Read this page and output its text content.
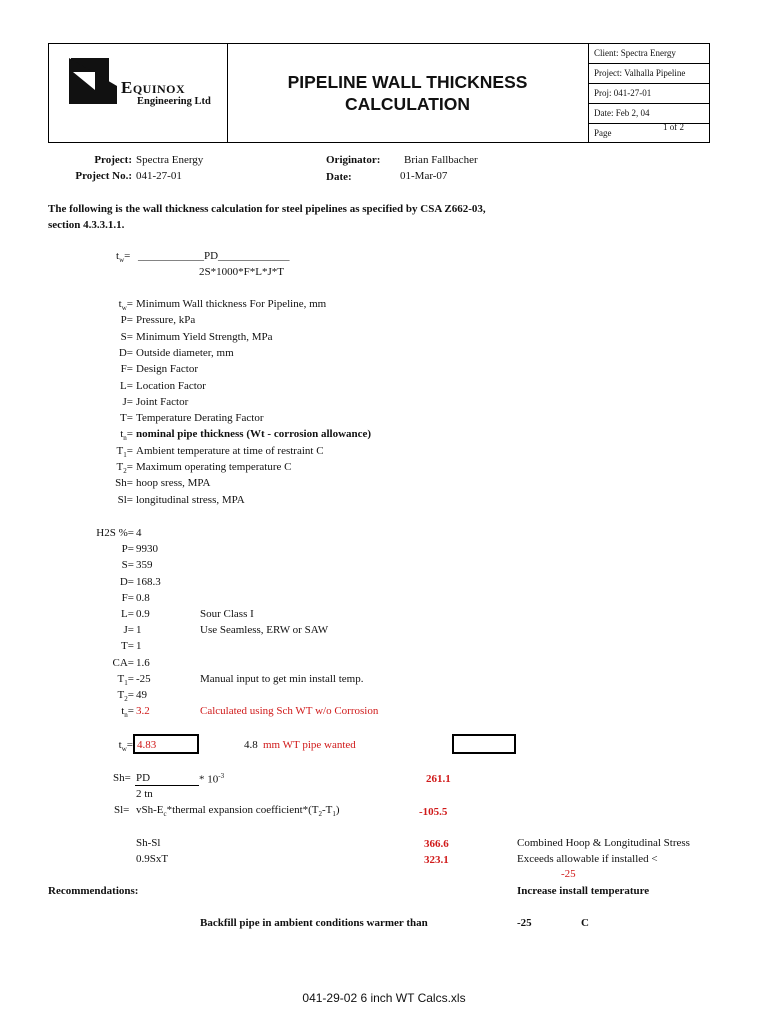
Equinox
Engineering Ltd
PIPELINE WALL THICKNESS
CALCULATION
Client: Spectra Energy
Project: Valhalla Pipeline
Proj: 041-27-01
Date: Feb 2, 04
Page
1 of 2
Project: Spectra Energy
Project No.: 041-27-01
Originator: Brian Fallbacher
Date:	01-Mar-07
The following is the wall thickness calculation for steel pipelines as specified by CSA Z662-03,
section 4.3.3.1.1.
$t_w=$ ____________PD_____________
2S*1000*F*L*J*T
$t_w=$ Minimum Wall thickness For Pipeline, mm
P= Pressure, kPa
S= Minimum Yield Strength, MPa
D= Outside diameter, mm
F= Design Factor
L= Location Factor
J= Joint Factor
T= Temperature Derating Factor
$t_n=$ nominal pipe thickness (Wt - corrosion allowance)
$T_1=$ Ambient temperature at time of restraint C
$T_2=$ Maximum operating temperature C
Sh= hoop sress, MPA
Sl= longitudinal stress, MPA
H2S %= 4
P= 9930
S= 359
D= 168.3
F= 0.8
L= 0.9	Sour Class I
J= 1	Use Seamless, ERW or SAW
T= 1
CA= 1.6
$T_1= -25$	Manual input to get min install temp.
$T_2= 49$
$t_n= 3.2$	Calculated using Sch WT w/o Corrosion
$t_w= 4.83$	4.8 mm WT pipe wanted
Sh= PD	* $10^{-3}$
2 tn
261.1
Sl= vSh-$E_c*thermal$ expansion $coefficient*(T_2-T_1)$	-105.5
Sh-Sl	366.6	Combined Hoop & Longitudinal Stress
0.9SxT	323.1	Exceeds allowable if installed <
-25
Recommendations:	Increase install temperature
Backfill pipe in ambient conditions warmer than	-25	C
041-29-02 6 inch WT Calcs.xls
